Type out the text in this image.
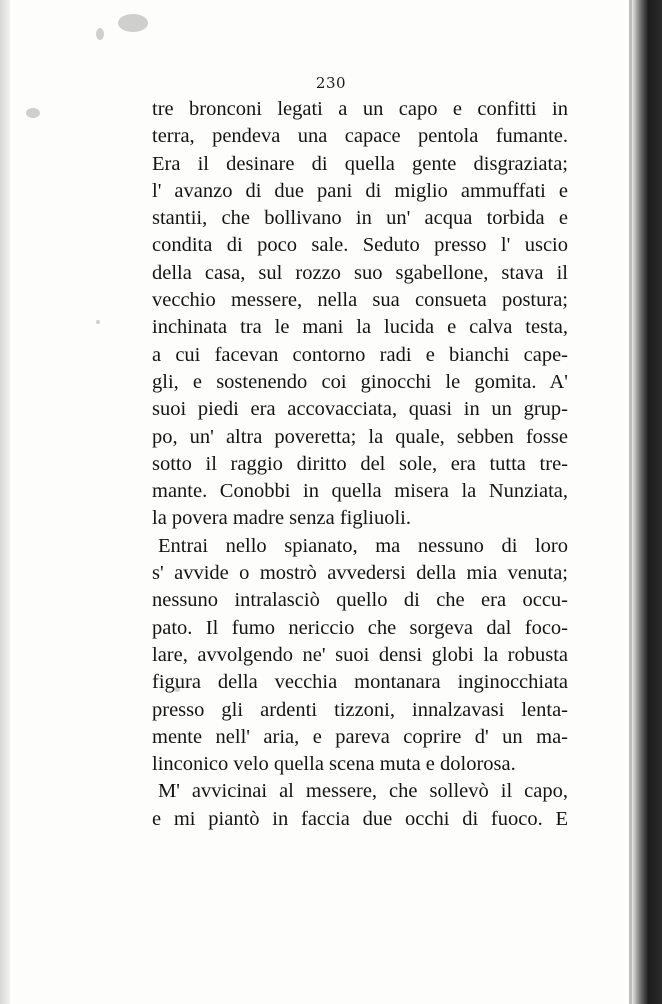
230
tre bronconi legati a un capo e confitti in
terra, pendeva una capace pentola fumante.
Era il desinare di quella gente disgraziata;
l' avanzo di due pani di miglio ammuffati e
stantii, che bollivano in un' acqua torbida e
condita di poco sale. Seduto presso l' uscio
della casa, sul rozzo suo sgabellone, stava il
vecchio messere, nella sua consueta postura;
inchinata tra le mani la lucida e calva testa,
a cui facevan contorno radi e bianchi cape-
gli, e sostenendo coi ginocchi le gomita. A'
suoi piedi era accovacciata, quasi in un grup-
po, un' altra poveretta; la quale, sebben fosse
sotto il raggio diritto del sole, era tutta tre-
mante. Conobbi in quella misera la Nunziata,
la povera madre senza figliuoli.
Entrai nello spianato, ma nessuno di loro
s' avvide o mostrò avvedersi della mia venuta;
nessuno intralasciò quello di che era occu-
pato. Il fumo nericcio che sorgeva dal foco-
lare, avvolgendo ne' suoi densi globi la robusta
figura della vecchia montanara inginocchiata
presso gli ardenti tizzoni, innalzavasi lenta-
mente nell' aria, e pareva coprire d' un ma-
linconico velo quella scena muta e dolorosa.
M' avvicinai al messere, che sollevò il capo,
e mi piantò in faccia due occhi di fuoco. E
